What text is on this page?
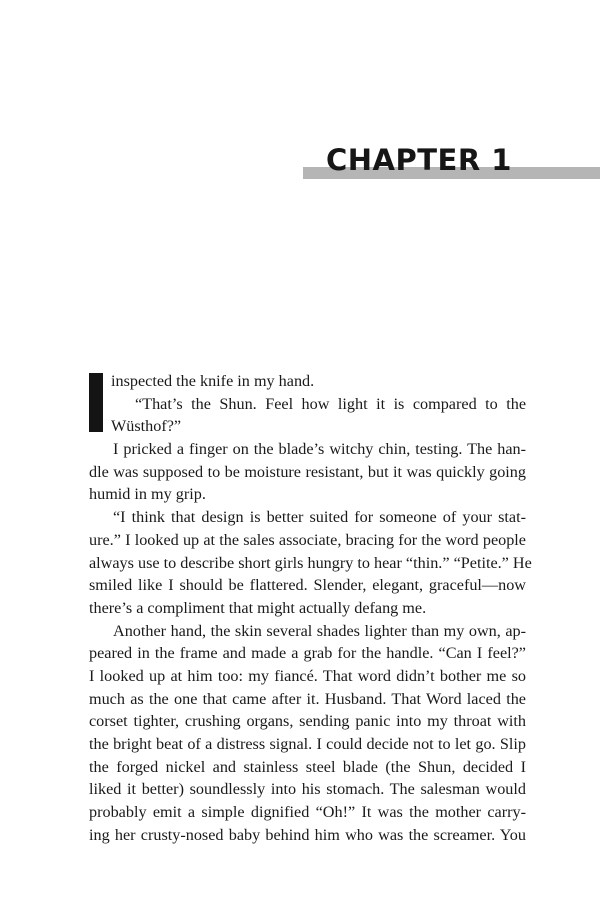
CHAPTER 1
inspected the knife in my hand.
“That’s the Shun. Feel how light it is compared to the
Wüsthof?”
I pricked a finger on the blade’s witchy chin, testing. The han-
dle was supposed to be moisture resistant, but it was quickly going
humid in my grip.
“I think that design is better suited for someone of your stat-
ure.” I looked up at the sales associate, bracing for the word people
always use to describe short girls hungry to hear “thin.” “Petite.” He
smiled like I should be flattered. Slender, elegant, graceful—now
there’s a compliment that might actually defang me.
Another hand, the skin several shades lighter than my own, ap-
peared in the frame and made a grab for the handle. “Can I feel?”
I looked up at him too: my fiancé. That word didn’t bother me so
much as the one that came after it. Husband. That Word laced the
corset tighter, crushing organs, sending panic into my throat with
the bright beat of a distress signal. I could decide not to let go. Slip
the forged nickel and stainless steel blade (the Shun, decided I
liked it better) soundlessly into his stomach. The salesman would
probably emit a simple dignified “Oh!” It was the mother carry-
ing her crusty-nosed baby behind him who was the screamer. You
